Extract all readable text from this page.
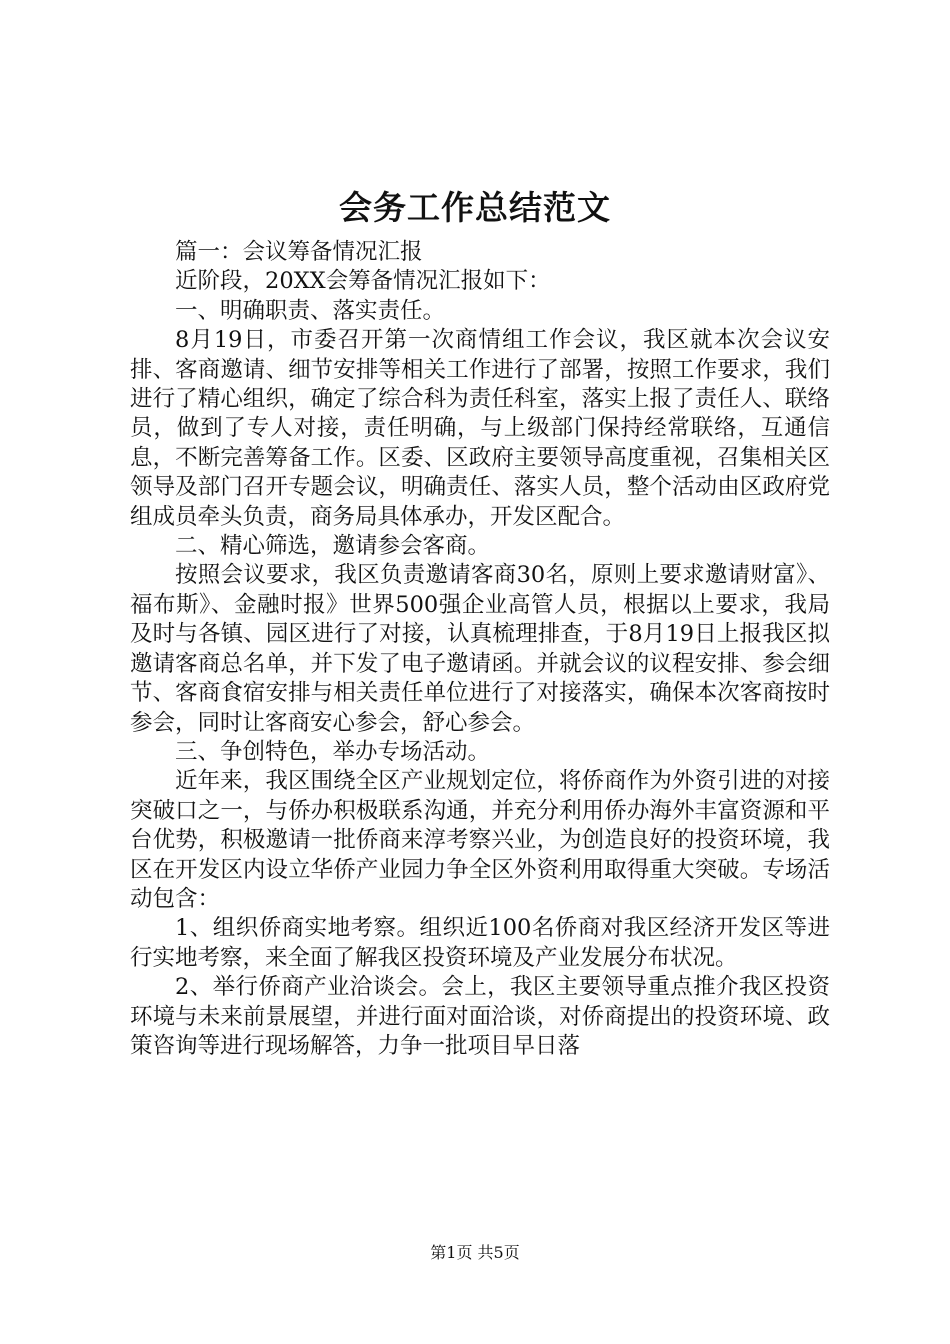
会务工作总结范文

篇一：会议筹备情况汇报

近阶段，20XX会筹备情况汇报如下：

一、明确职责、落实责任。

8月19日，市委召开第一次商情组工作会议，我区就本次会议安排、客商邀请、细节安排等相关工作进行了部署，按照工作要求，我们进行了精心组织，确定了综合科为责任科室，落实上报了责任人、联络员，做到了专人对接，责任明确，与上级部门保持经常联络，互通信息，不断完善筹备工作。区委、区政府主要领导高度重视，召集相关区领导及部门召开专题会议，明确责任、落实人员，整个活动由区政府党组成员牵头负责，商务局具体承办，开发区配合。

二、精心筛选，邀请参会客商。

按照会议要求，我区负责邀请客商30名，原则上要求邀请财富》、福布斯》、金融时报》世界500强企业高管人员，根据以上要求，我局及时与各镇、园区进行了对接，认真梳理排查，于8月19日上报我区拟邀请客商总名单，并下发了电子邀请函。并就会议的议程安排、参会细节、客商食宿安排与相关责任单位进行了对接落实，确保本次客商按时参会，同时让客商安心参会，舒心参会。

三、争创特色，举办专场活动。

近年来，我区围绕全区产业规划定位，将侨商作为外资引进的对接突破口之一，与侨办积极联系沟通，并充分利用侨办海外丰富资源和平台优势，积极邀请一批侨商来淳考察兴业，为创造良好的投资环境，我区在开发区内设立华侨产业园力争全区外资利用取得重大突破。专场活动包含：

1、组织侨商实地考察。组织近100名侨商对我区经济开发区等进行实地考察，来全面了解我区投资环境及产业发展分布状况。

2、举行侨商产业洽谈会。会上，我区主要领导重点推介我区投资环境与未来前景展望，并进行面对面洽谈，对侨商提出的投资环境、政策咨询等进行现场解答，力争一批项目早日落

第1页 共5页
